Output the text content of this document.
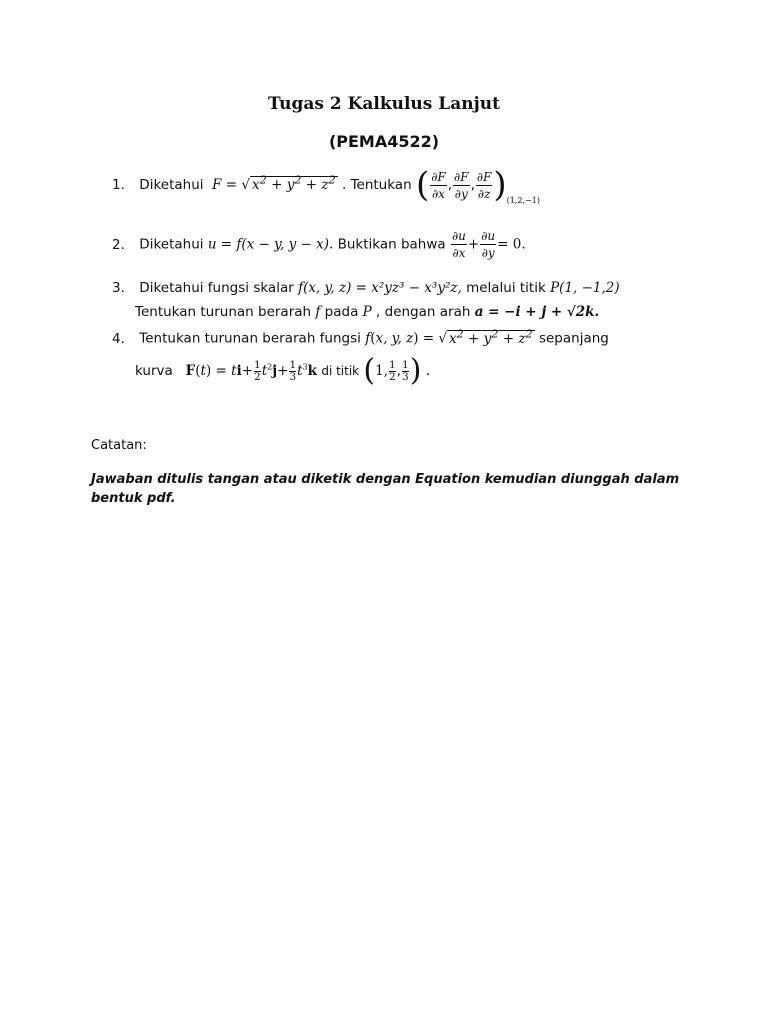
Tugas 2 Kalkulus Lanjut
(PEMA4522)
1. Diketahui F = √ $x^2 + y^2 + z^2$ . Tentukan ( $\frac{\partial F}{\partial x}$ , $\frac{\partial F}{\partial y}$ , $\frac{\partial F}{\partial z} )_{(1,2,-1)}$
2. Diketahui u = f(x − y, y − x). Buktikan bahwa $\frac{\partial u}{\partial x} + \frac{\partial u}{\partial y} = 0$.
3. Diketahui fungsi skalar f(x, y, z) = x²yz³ − x³y²z, melalui titik P(1, −1,2)
Tentukan turunan berarah f pada P , dengan arah a = −i + j + √2k.
4. Tentukan turunan berarah fungsi f(x, y, z) = √ $x^2 + y^2 + z^2$ sepanjang
kurva $F(t) = ti+ \frac{1}{2} t^2j+ \frac{1}{3} t^3k$ di titik (1, $\frac{1}{2}$ , $\frac{1}{3}$ ) .
Catatan:
Jawaban ditulis tangan atau diketik dengan Equation kemudian diunggah dalam bentuk pdf.
